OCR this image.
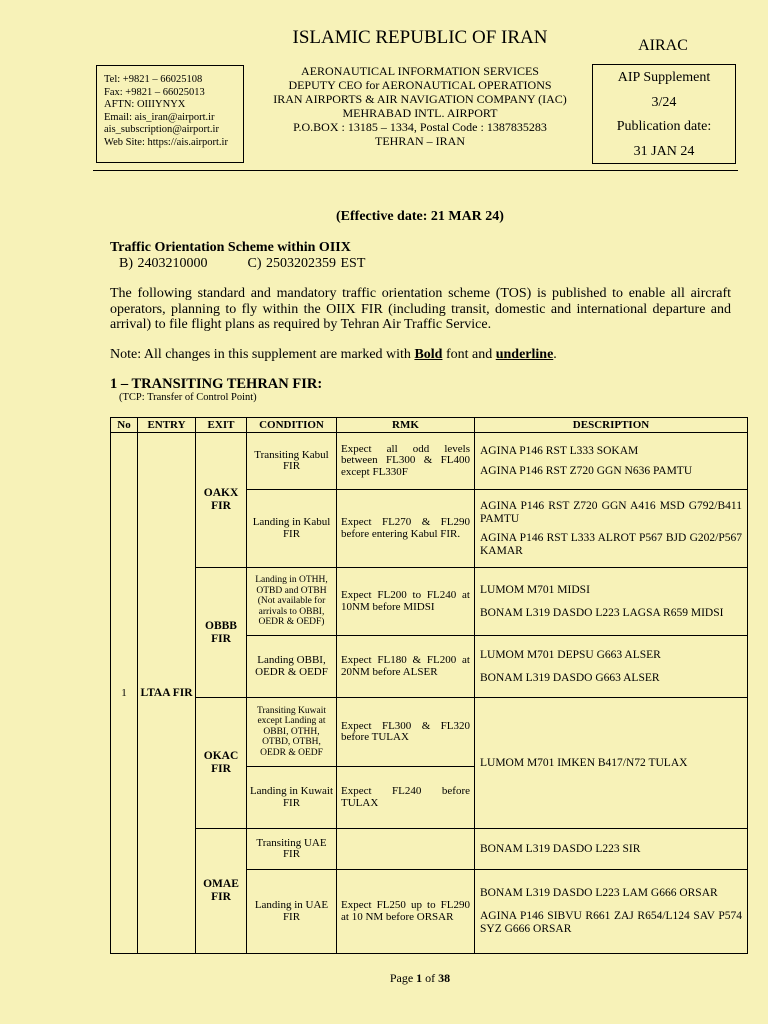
ISLAMIC REPUBLIC OF IRAN
Tel: +9821 – 66025108
Fax: +9821 – 66025013
AFTN: OIIIYNYX
Email: ais_iran@airport.ir
ais_subscription@airport.ir
Web Site: https://ais.airport.ir
AERONAUTICAL INFORMATION SERVICES
DEPUTY CEO for AERONAUTICAL OPERATIONS
IRAN AIRPORTS & AIR NAVIGATION COMPANY (IAC)
MEHRABAD INTL. AIRPORT
P.O.BOX : 13185 – 1334, Postal Code : 1387835283
TEHRAN – IRAN
AIRAC
AIP Supplement
3/24
Publication date:
31 JAN 24
(Effective date: 21 MAR 24)
Traffic Orientation Scheme within OIIX
B) 2403210000	C) 2503202359 EST
The following standard and mandatory traffic orientation scheme (TOS) is published to enable all aircraft operators, planning to fly within the OIIX FIR (including transit, domestic and international departure and arrival) to file flight plans as required by Tehran Air Traffic Service.
Note: All changes in this supplement are marked with Bold font and underline.
1 – TRANSITING TEHRAN FIR:
(TCP: Transfer of Control Point)
No	ENTRY	EXIT	CONDITION	RMK	DESCRIPTION
1	LTAA FIR	OAKX FIR	Transiting Kabul FIR	Expect all odd levels between FL300 & FL400 except FL330F	AGINA P146 RST L333 SOKAM
AGINA P146 RST Z720 GGN N636 PAMTU

			Landing in Kabul FIR	Expect FL270 & FL290 before entering Kabul FIR.	AGINA P146 RST Z720 GGN A416 MSD G792/B411 PAMTU
AGINA P146 RST L333 ALROT P567 BJD G202/P567 KAMAR

		OBBB FIR	Landing in OTHH, OTBD and OTBH (Not available for arrivals to OBBI, OEDR & OEDF)	Expect FL200 to FL240 at 10NM before MIDSI	LUMOM M701 MIDSI
BONAM L319 DASDO L223 LAGSA R659 MIDSI

			Landing OBBI, OEDR & OEDF	Expect FL180 & FL200 at 20NM before ALSER	LUMOM M701 DEPSU G663 ALSER
BONAM L319 DASDO G663 ALSER

		OKAC FIR	Transiting Kuwait except Landing at OBBI, OTHH, OTBD, OTBH, OEDR & OEDF	Expect FL300 & FL320 before TULAX	LUMOM M701 IMKEN B417/N72 TULAX

			Landing in Kuwait FIR	Expect FL240 before TULAX	
		OMAE FIR	Transiting UAE FIR		BONAM L319 DASDO L223 SIR

			Landing in UAE FIR	Expect FL250 up to FL290 at 10 NM before ORSAR	BONAM L319 DASDO L223 LAM G666 ORSAR
AGINA P146 SIBVU R661 ZAJ R654/L124 SAV P574 SYZ G666 ORSAR
Page 1 of 38
